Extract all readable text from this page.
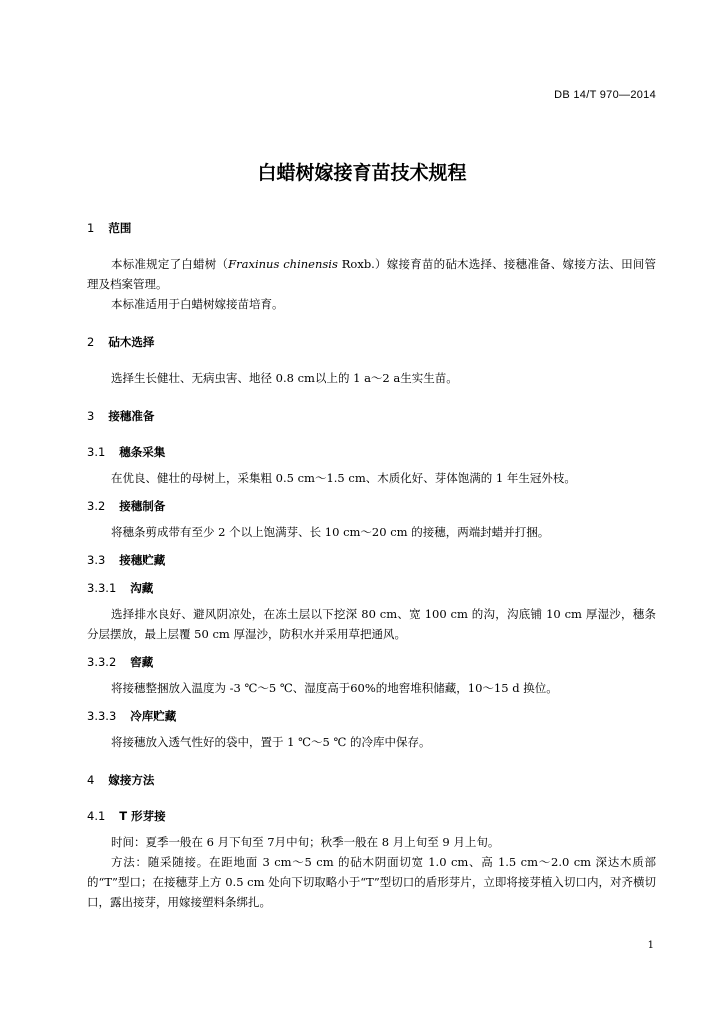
DB 14/T 970—2014
白蜡树嫁接育苗技术规程
1 范围

本标准规定了白蜡树（Fraxinus chinensis Roxb.）嫁接育苗的砧木选择、接穗准备、嫁接方法、田间管理及档案管理。

本标准适用于白蜡树嫁接苗培育。

2 砧木选择

选择生长健壮、无病虫害、地径 0.8 cm以上的 1 a～2 a生实生苗。

3 接穗准备
3.1 穗条采集

在优良、健壮的母树上，采集粗 0.5 cm～1.5 cm、木质化好、芽体饱满的 1 年生冠外枝。

3.2 接穗制备

将穗条剪成带有至少 2 个以上饱满芽、长 10 cm～20 cm 的接穗，两端封蜡并打捆。

3.3 接穗贮藏
3.3.1 沟藏

选择排水良好、避风阴凉处，在冻土层以下挖深 80 cm、宽 100 cm 的沟，沟底铺 10 cm 厚湿沙，穗条分层摆放，最上层覆 50 cm 厚湿沙，防积水并采用草把通风。

3.3.2 窖藏

将接穗整捆放入温度为 -3 ℃～5 ℃、湿度高于60%的地窖堆积储藏，10～15 d 换位。

3.3.3 冷库贮藏

将接穗放入透气性好的袋中，置于 1 ℃～5 ℃ 的冷库中保存。

4 嫁接方法
4.1 T 形芽接

时间：夏季一般在 6 月下旬至 7月中旬；秋季一般在 8 月上旬至 9 月上旬。

方法：随采随接。在距地面 3 cm～5 cm 的砧木阴面切宽 1.0 cm、高 1.5 cm～2.0 cm 深达木质部的“T”型口；在接穗芽上方 0.5 cm 处向下切取略小于“T”型切口的盾形芽片，立即将接芽植入切口内，对齐横切口，露出接芽，用嫁接塑料条绑扎。

1
